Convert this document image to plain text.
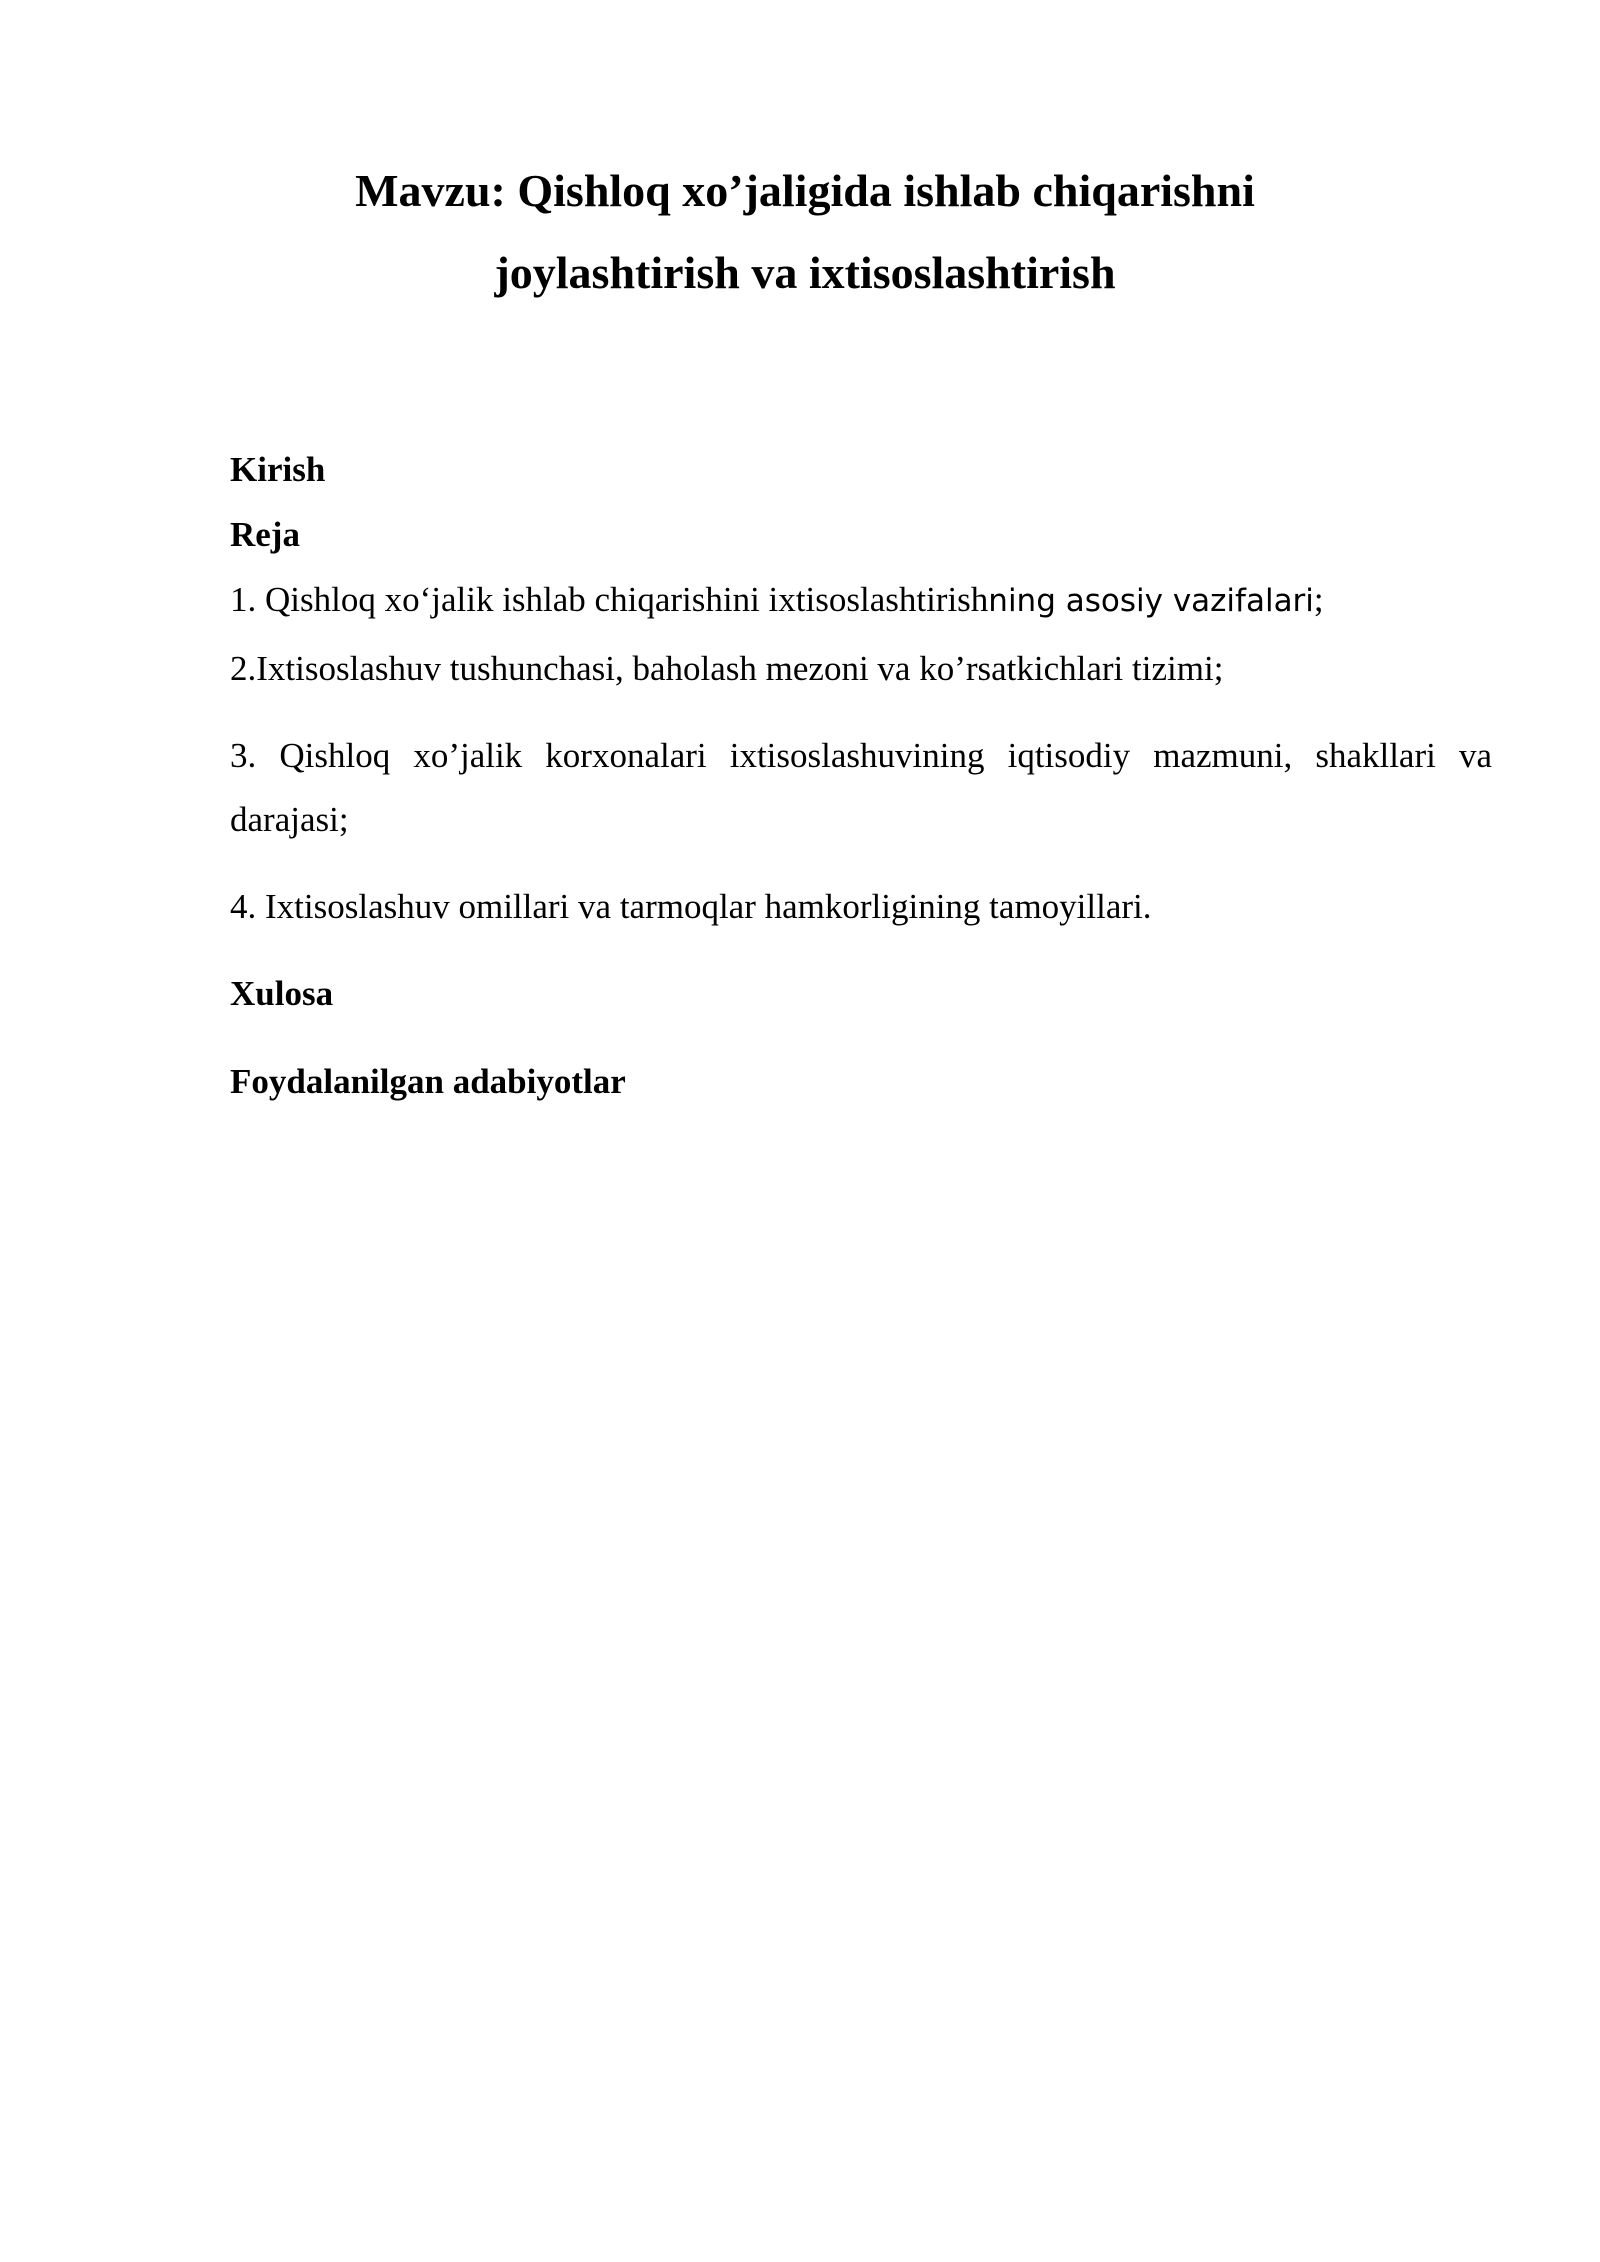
Mavzu: Qishloq xo’jaligida ishlab chiqarishni joylashtirish va ixtisoslashtirish

Kirish

Reja

1. Qishloq xo‘jalik ishlab chiqarishini ixtisoslashtirishning asosiy vazifalari;

2.Ixtisoslashuv tushunchasi, baholash mezoni va ko’rsatkichlari tizimi;

3. Qishloq xo’jalik korxonalari ixtisoslashuvining iqtisodiy mazmuni, shakllari va darajasi;

4. Ixtisoslashuv omillari va tarmoqlar hamkorligining tamoyillari.

Xulosa

Foydalanilgan adabiyotlar
